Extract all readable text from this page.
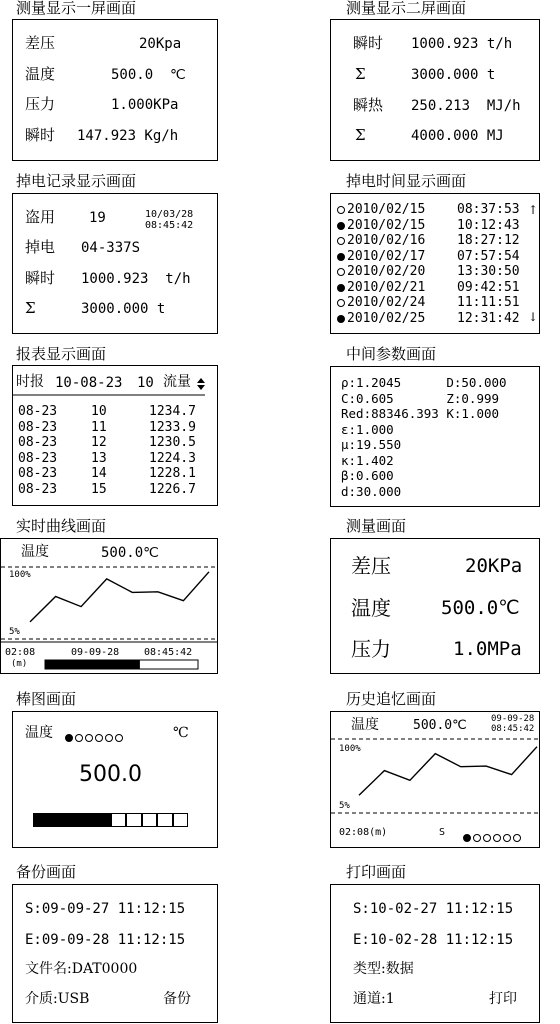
测量显示一屏画面
差压	20Kpa
温度	500.0  ℃
压力	1.000KPa
瞬时 147.923 Kg/h
测量显示二屏画面
瞬时 1000.923 t/h
Σ	3000.000 t
瞬热 250.213  MJ/h
Σ	4000.000 MJ
掉电记录显示画面
盗用 19	10/03/28
08:45:42
掉电 04-337S
瞬时 1000.923  t/h
Σ	3000.000 t
掉电时间显示画面
2010/02/15 08:37:53
2010/02/15 10:12:43
2010/02/16 18:27:12
2010/02/17 07:57:54
2010/02/20 13:30:50
2010/02/21 09:42:51
2010/02/24 11:11:51
2010/02/25 12:31:42
↑
↓
报表显示画面
时报 10-08-23 10 流量
08-23	10	1234.7
08-23	11	1233.9
08-23	12	1230.5
08-23	13	1224.3
08-23	14	1228.1
08-23	15	1226.7
中间参数画面
ρ:1.2045      D:50.000
C:0.605       Z:0.999
Red:88346.393 K:1.000
ε:1.000
μ:19.550
κ:1.402
β:0.600
d:30.000
实时曲线画面
温度	500.0℃
100%
5%
02:08
(m)
09-09-28 08:45:42
测量画面
差压	20KPa
温度	500.0℃
压力	1.0MPa
棒图画面
温度	℃
500.0
历史追忆画面
温度	500.0℃	09-09-28
08:45:42
100%
5%
02:08(m)	S
备份画面
S:09-09-27 11:12:15
E:09-09-28 11:12:15
文件名:DAT0000
介质:USB	备份
打印画面
S:10-02-27 11:12:15
E:10-02-28 11:12:15
类型:数据
通道:1	打印
